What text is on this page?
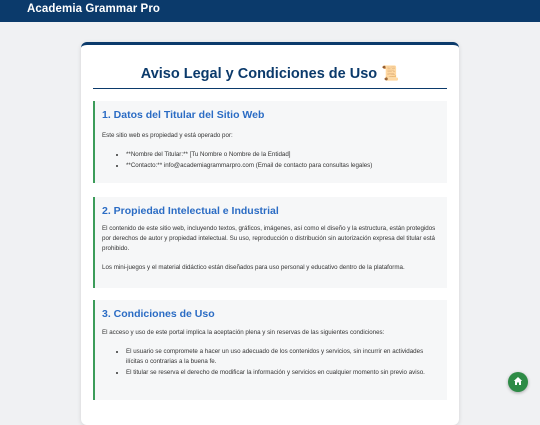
Academia Grammar Pro
Aviso Legal y Condiciones de Uso 📜
1. Datos del Titular del Sitio Web
Este sitio web es propiedad y está operado por:
• **Nombre del Titular:** [Tu Nombre o Nombre de la Entidad]
• **Contacto:** info@academiagrammarpro.com (Email de contacto para consultas legales)
2. Propiedad Intelectual e Industrial
El contenido de este sitio web, incluyendo textos, gráficos, imágenes, así como el diseño y la estructura, están protegidos por derechos de autor y propiedad intelectual. Su uso, reproducción o distribución sin autorización expresa del titular está prohibido.
Los mini-juegos y el material didáctico están diseñados para uso personal y educativo dentro de la plataforma.
3. Condiciones de Uso
El acceso y uso de este portal implica la aceptación plena y sin reservas de las siguientes condiciones:
• El usuario se compromete a hacer un uso adecuado de los contenidos y servicios, sin incurrir en actividades ilícitas o contrarias a la buena fe.
• El titular se reserva el derecho de modificar la información y servicios en cualquier momento sin previo aviso.
